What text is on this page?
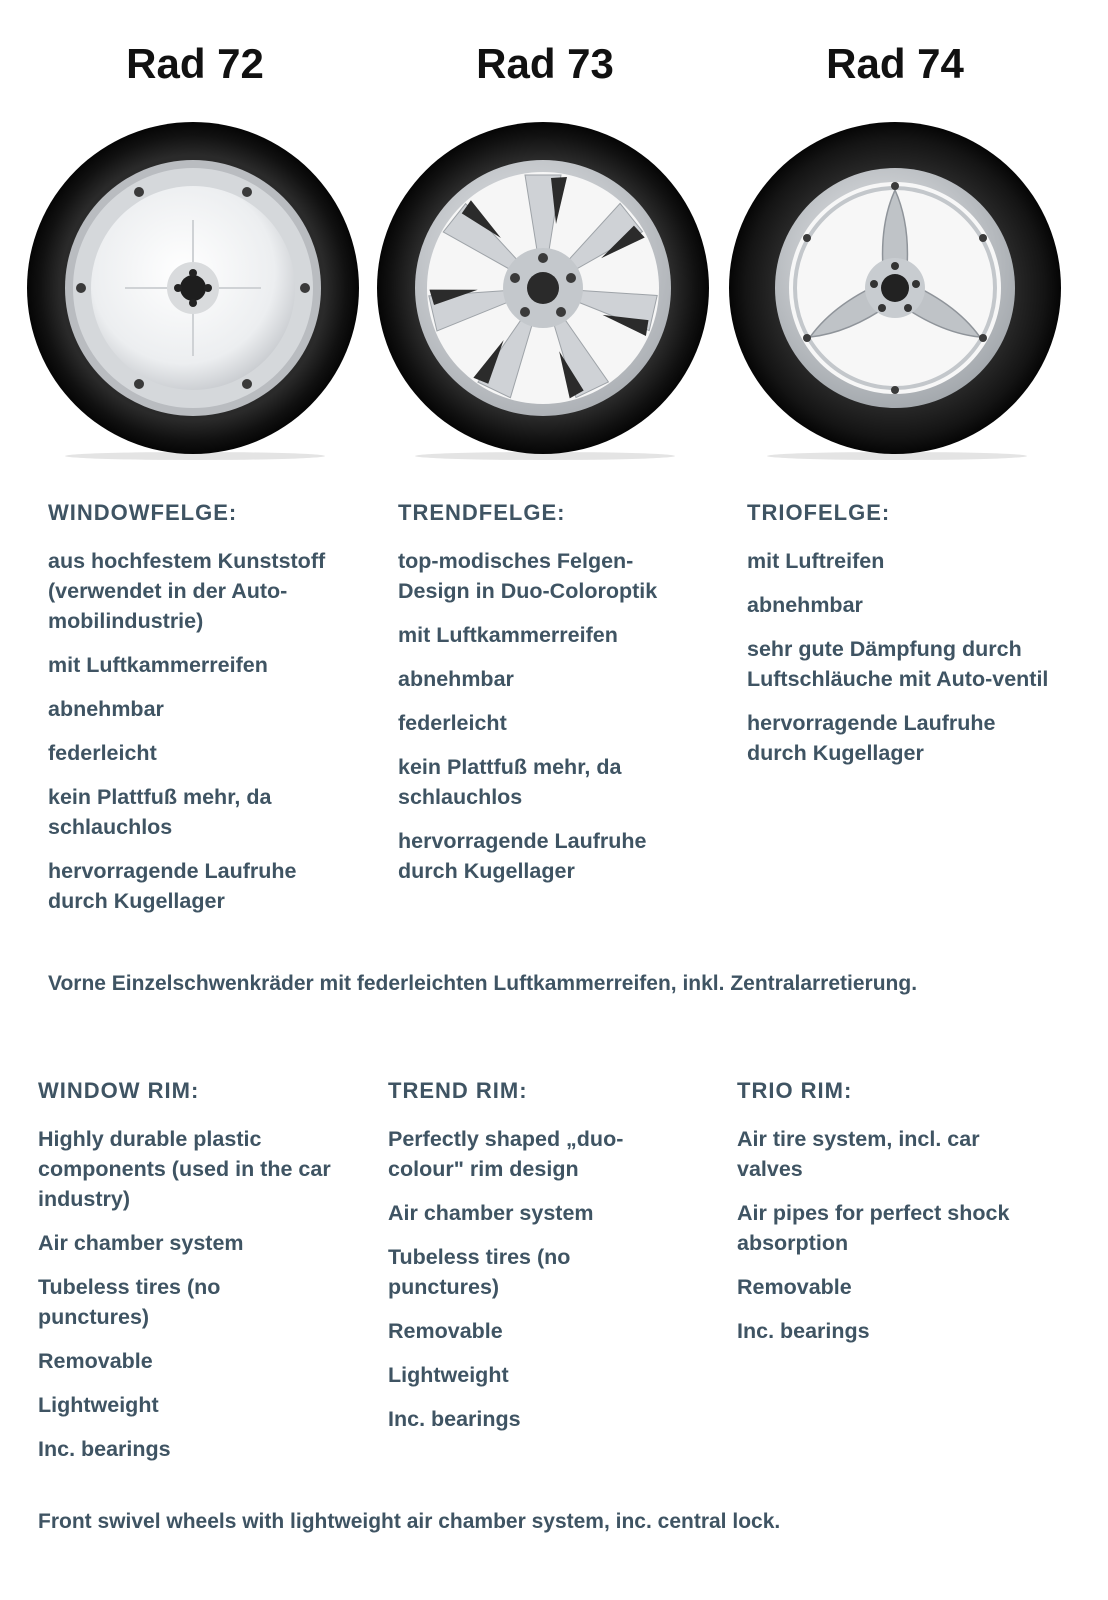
Rad 72	Rad 73	Rad 74
WINDOWFELGE:
aus hochfestem Kunststoff (verwendet in der Auto-mobilindustrie)
mit Luftkammerreifen
abnehmbar
federleicht
kein Plattfuß mehr, da schlauchlos
hervorragende Laufruhe durch Kugellager
TRENDFELGE:
top-modisches Felgen-Design in Duo-Coloroptik
mit Luftkammerreifen
abnehmbar
federleicht
kein Plattfuß mehr, da schlauchlos
hervorragende Laufruhe durch Kugellager
TRIOFELGE:
mit Luftreifen
abnehmbar
sehr gute Dämpfung durch Luftschläuche mit Auto-ventil
hervorragende Laufruhe durch Kugellager

Vorne Einzelschwenkräder mit federleichten Luftkammerreifen, inkl. Zentralarretierung.

WINDOW RIM:
Highly durable plastic components (used in the car industry)
Air chamber system
Tubeless tires (no punctures)
Removable
Lightweight
Inc. bearings
TREND RIM:
Perfectly shaped „duo-colour" rim design
Air chamber system
Tubeless tires (no punctures)
Removable
Lightweight
Inc. bearings
TRIO RIM:
Air tire system, incl. car valves
Air pipes for perfect shock absorption
Removable
Inc. bearings

Front swivel wheels with lightweight air chamber system, inc. central lock.
